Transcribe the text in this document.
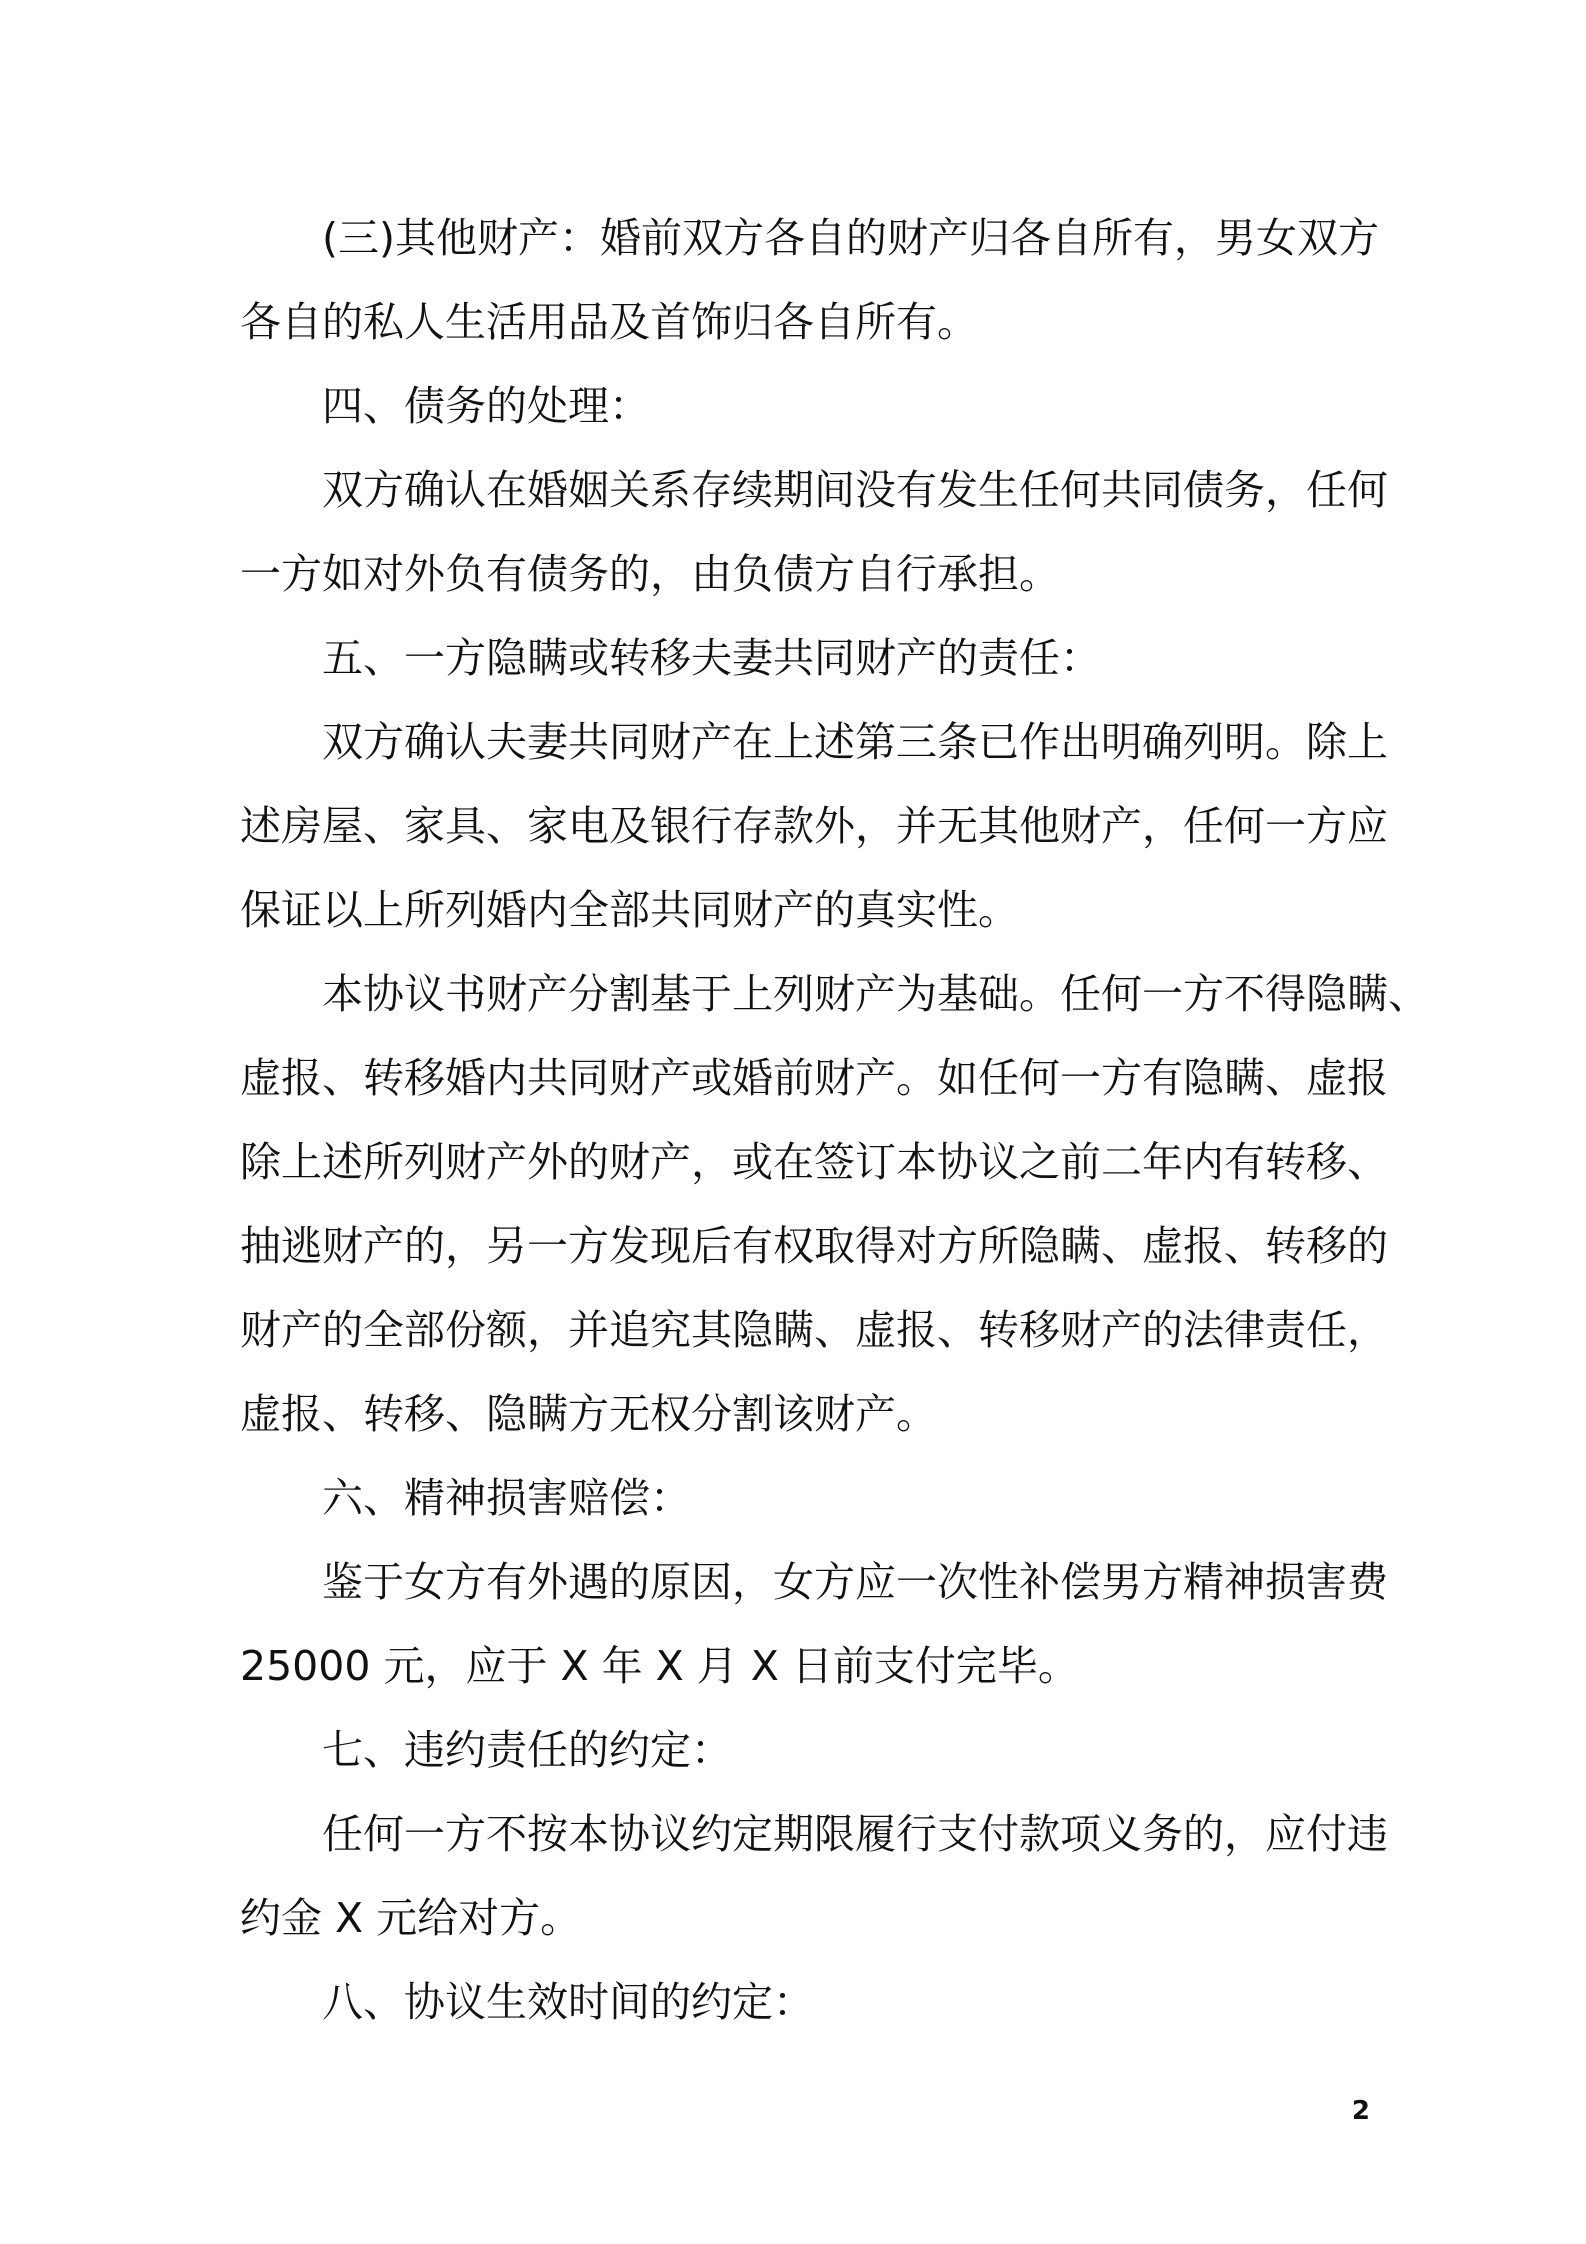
(三)其他财产：婚前双方各自的财产归各自所有，男女双方
各自的私人生活用品及首饰归各自所有。
四、债务的处理：
双方确认在婚姻关系存续期间没有发生任何共同债务，任何
一方如对外负有债务的，由负债方自行承担。
五、一方隐瞒或转移夫妻共同财产的责任：
双方确认夫妻共同财产在上述第三条已作出明确列明。除上
述房屋、家具、家电及银行存款外，并无其他财产，任何一方应
保证以上所列婚内全部共同财产的真实性。
本协议书财产分割基于上列财产为基础。任何一方不得隐瞒、
虚报、转移婚内共同财产或婚前财产。如任何一方有隐瞒、虚报
除上述所列财产外的财产，或在签订本协议之前二年内有转移、
抽逃财产的，另一方发现后有权取得对方所隐瞒、虚报、转移的
财产的全部份额，并追究其隐瞒、虚报、转移财产的法律责任，
虚报、转移、隐瞒方无权分割该财产。
六、精神损害赔偿：
鉴于女方有外遇的原因，女方应一次性补偿男方精神损害费
25000 元，应于 X 年 X 月 X 日前支付完毕。
七、违约责任的约定：
任何一方不按本协议约定期限履行支付款项义务的，应付违
约金 X 元给对方。
八、协议生效时间的约定：
2
